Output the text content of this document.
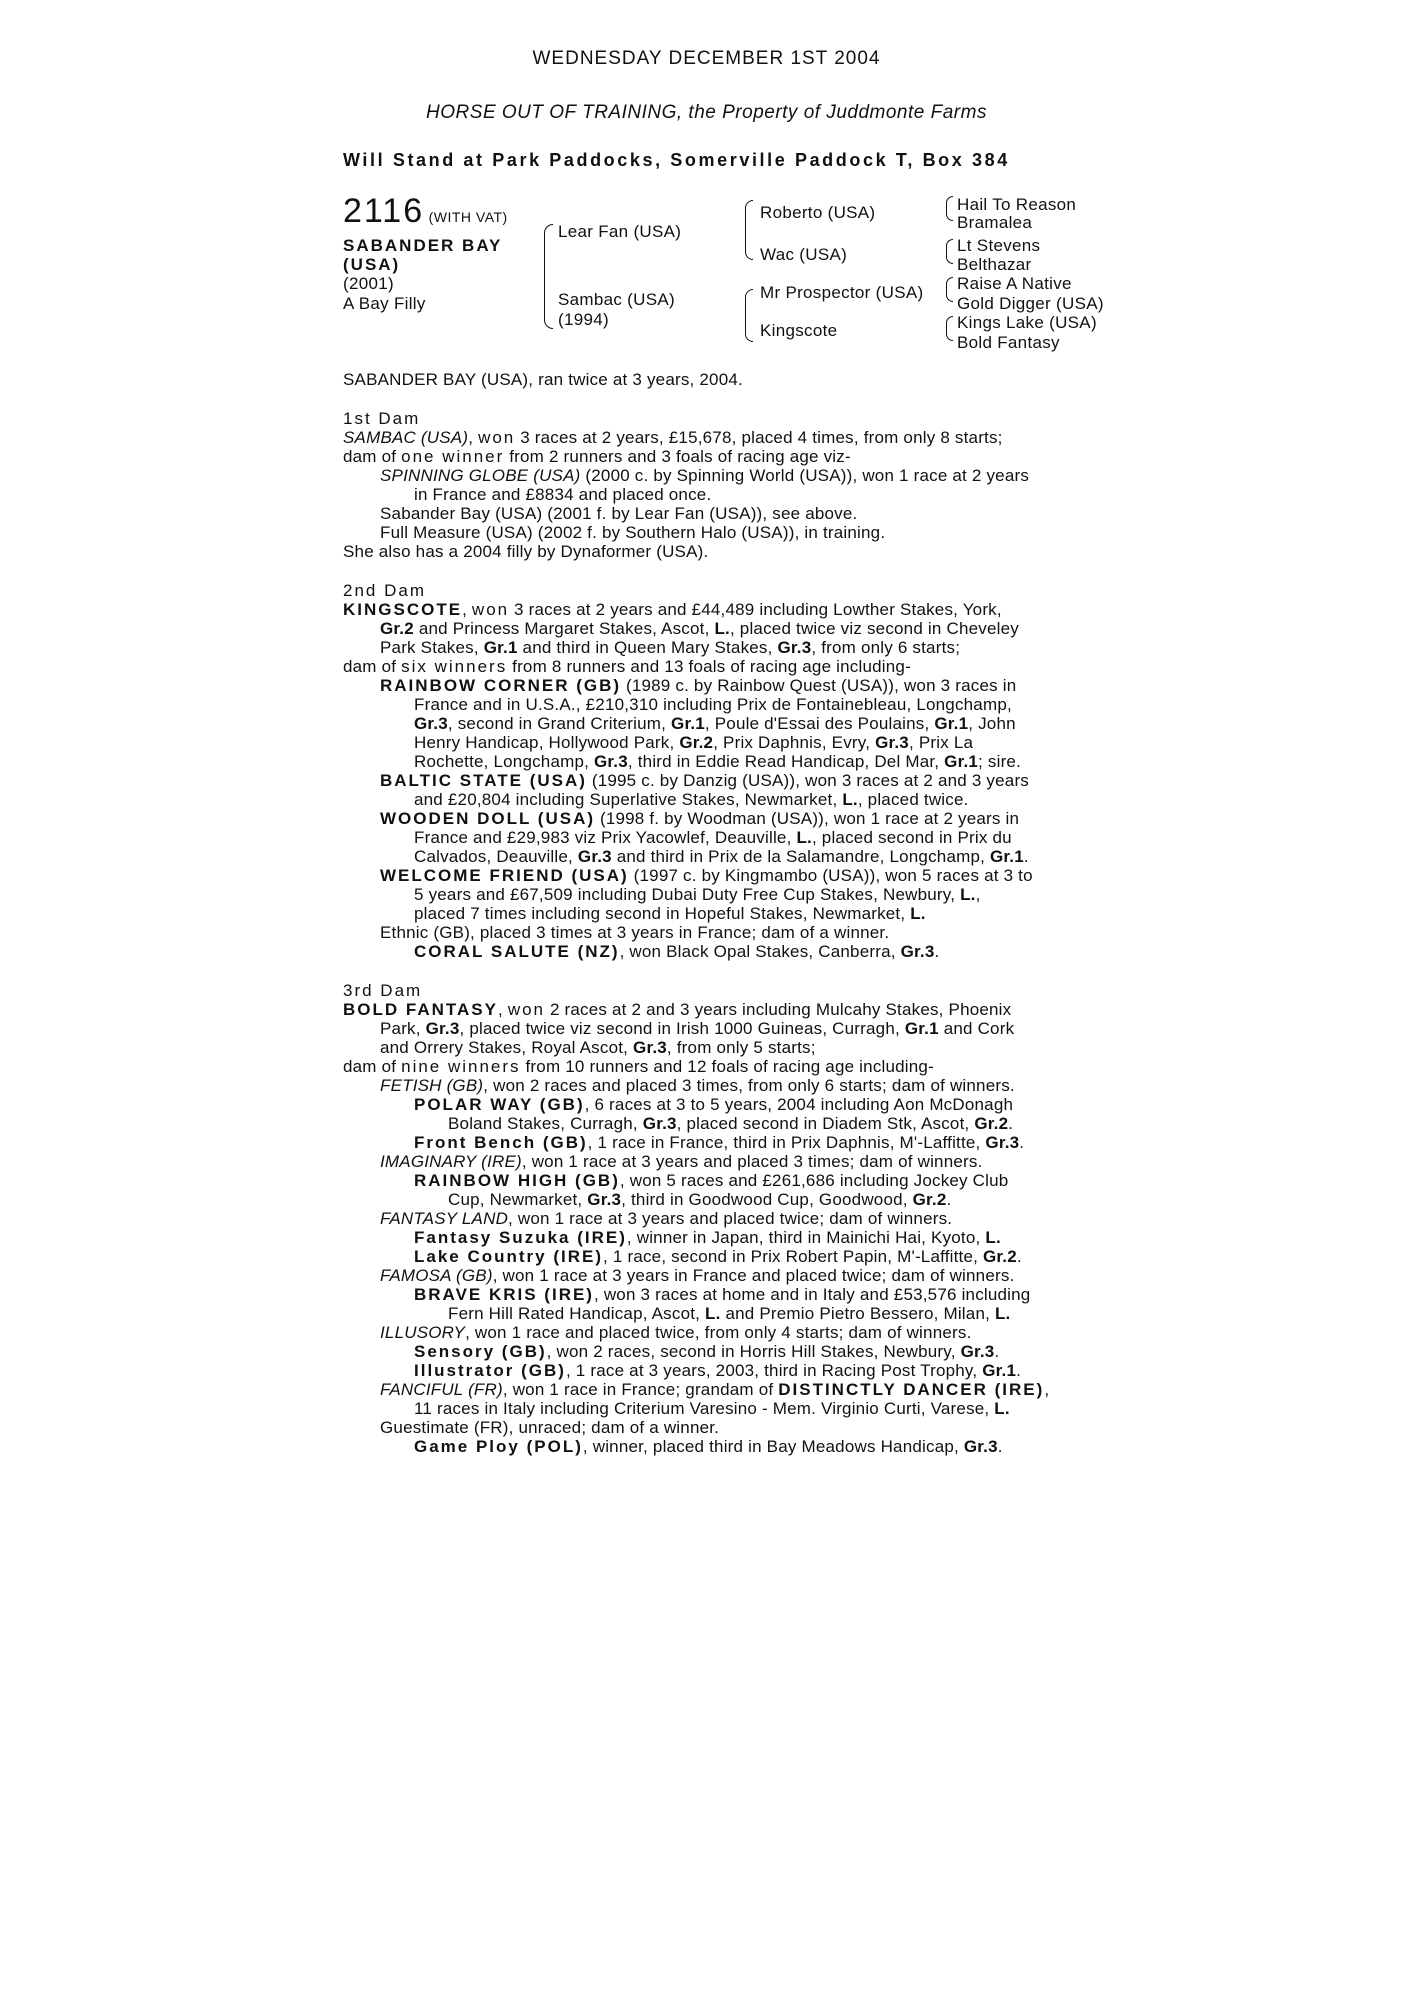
WEDNESDAY DECEMBER 1ST 2004
HORSE OUT OF TRAINING, the Property of Juddmonte Farms
Will Stand at Park Paddocks, Somerville Paddock T, Box 384
2116 (WITH VAT)
SABANDER BAY
(USA)
(2001)
A Bay Filly
Lear Fan (USA)
Sambac (USA)
(1994)
Roberto (USA)
Wac (USA)
Mr Prospector (USA)
Kingscote
Hail To Reason
Bramalea
Lt Stevens
Belthazar
Raise A Native
Gold Digger (USA)
Kings Lake (USA)
Bold Fantasy
SABANDER BAY (USA), ran twice at 3 years, 2004.
1st Dam
SAMBAC (USA), won 3 races at 2 years, £15,678, placed 4 times, from only 8 starts;
dam of one winner from 2 runners and 3 foals of racing age viz-
SPINNING GLOBE (USA) (2000 c. by Spinning World (USA)), won 1 race at 2 years
in France and £8834 and placed once.
Sabander Bay (USA) (2001 f. by Lear Fan (USA)), see above.
Full Measure (USA) (2002 f. by Southern Halo (USA)), in training.
She also has a 2004 filly by Dynaformer (USA).
2nd Dam
KINGSCOTE, won 3 races at 2 years and £44,489 including Lowther Stakes, York,
Gr.2 and Princess Margaret Stakes, Ascot, L., placed twice viz second in Cheveley
Park Stakes, Gr.1 and third in Queen Mary Stakes, Gr.3, from only 6 starts;
dam of six winners from 8 runners and 13 foals of racing age including-
RAINBOW CORNER (GB) (1989 c. by Rainbow Quest (USA)), won 3 races in
France and in U.S.A., £210,310 including Prix de Fontainebleau, Longchamp,
Gr.3, second in Grand Criterium, Gr.1, Poule d'Essai des Poulains, Gr.1, John
Henry Handicap, Hollywood Park, Gr.2, Prix Daphnis, Evry, Gr.3, Prix La
Rochette, Longchamp, Gr.3, third in Eddie Read Handicap, Del Mar, Gr.1; sire.
BALTIC STATE (USA) (1995 c. by Danzig (USA)), won 3 races at 2 and 3 years
and £20,804 including Superlative Stakes, Newmarket, L., placed twice.
WOODEN DOLL (USA) (1998 f. by Woodman (USA)), won 1 race at 2 years in
France and £29,983 viz Prix Yacowlef, Deauville, L., placed second in Prix du
Calvados, Deauville, Gr.3 and third in Prix de la Salamandre, Longchamp, Gr.1.
WELCOME FRIEND (USA) (1997 c. by Kingmambo (USA)), won 5 races at 3 to
5 years and £67,509 including Dubai Duty Free Cup Stakes, Newbury, L.,
placed 7 times including second in Hopeful Stakes, Newmarket, L.
Ethnic (GB), placed 3 times at 3 years in France; dam of a winner.
CORAL SALUTE (NZ), won Black Opal Stakes, Canberra, Gr.3.
3rd Dam
BOLD FANTASY, won 2 races at 2 and 3 years including Mulcahy Stakes, Phoenix
Park, Gr.3, placed twice viz second in Irish 1000 Guineas, Curragh, Gr.1 and Cork
and Orrery Stakes, Royal Ascot, Gr.3, from only 5 starts;
dam of nine winners from 10 runners and 12 foals of racing age including-
FETISH (GB), won 2 races and placed 3 times, from only 6 starts; dam of winners.
POLAR WAY (GB), 6 races at 3 to 5 years, 2004 including Aon McDonagh
Boland Stakes, Curragh, Gr.3, placed second in Diadem Stk, Ascot, Gr.2.
Front Bench (GB), 1 race in France, third in Prix Daphnis, M'-Laffitte, Gr.3.
IMAGINARY (IRE), won 1 race at 3 years and placed 3 times; dam of winners.
RAINBOW HIGH (GB), won 5 races and £261,686 including Jockey Club
Cup, Newmarket, Gr.3, third in Goodwood Cup, Goodwood, Gr.2.
FANTASY LAND, won 1 race at 3 years and placed twice; dam of winners.
Fantasy Suzuka (IRE), winner in Japan, third in Mainichi Hai, Kyoto, L.
Lake Country (IRE), 1 race, second in Prix Robert Papin, M'-Laffitte, Gr.2.
FAMOSA (GB), won 1 race at 3 years in France and placed twice; dam of winners.
BRAVE KRIS (IRE), won 3 races at home and in Italy and £53,576 including
Fern Hill Rated Handicap, Ascot, L. and Premio Pietro Bessero, Milan, L.
ILLUSORY, won 1 race and placed twice, from only 4 starts; dam of winners.
Sensory (GB), won 2 races, second in Horris Hill Stakes, Newbury, Gr.3.
Illustrator (GB), 1 race at 3 years, 2003, third in Racing Post Trophy, Gr.1.
FANCIFUL (FR), won 1 race in France; grandam of DISTINCTLY DANCER (IRE),
11 races in Italy including Criterium Varesino - Mem. Virginio Curti, Varese, L.
Guestimate (FR), unraced; dam of a winner.
Game Ploy (POL), winner, placed third in Bay Meadows Handicap, Gr.3.
